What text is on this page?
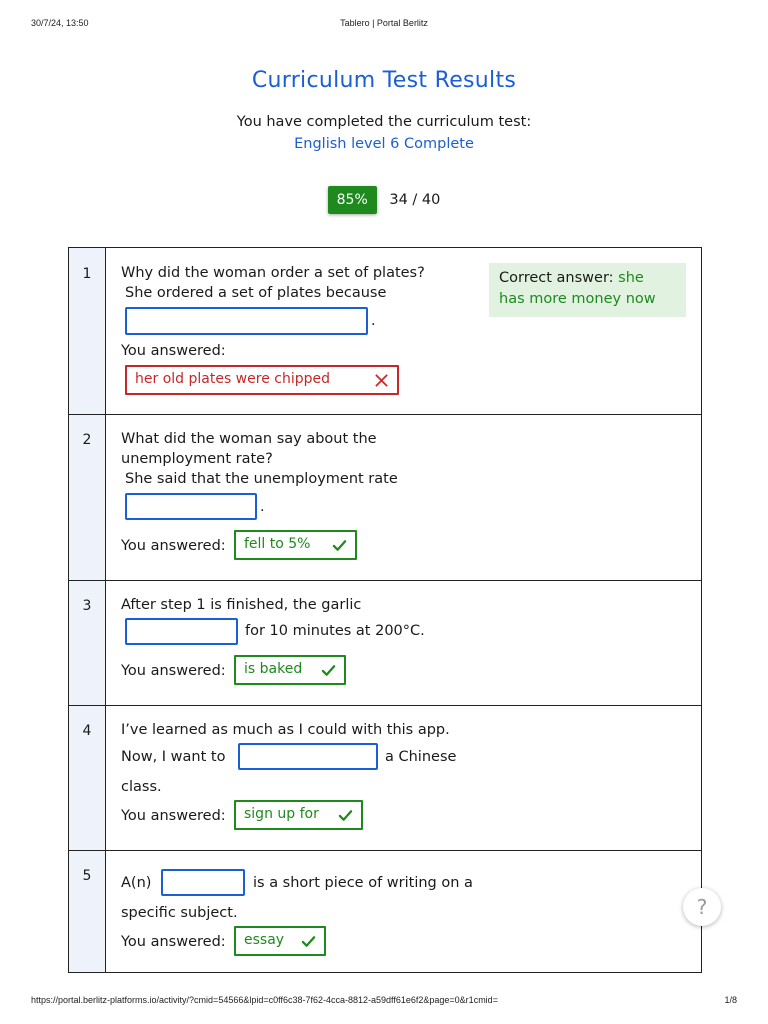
30/7/24, 13:50	Tablero | Portal Berlitz
Curriculum Test Results
You have completed the curriculum test:
English level 6 Complete
85% 34 / 40
1	Why did the woman order a set of plates?
She ordered a set of plates because
.
You answered:
her old plates were chipped
Correct answer: she
has more money now
2	What did the woman say about the
unemployment rate?
She said that the unemployment rate
.
You answered:	fell to 5%
3	After step 1 is finished, the garlic
for 10 minutes at 200°C.
You answered:	is baked
4	I’ve learned as much as I could with this app.
Now, I want to	a Chinese
class.
You answered:	sign up for
5	A(n)	is a short piece of writing on a
specific subject.
You answered:	essay
?
https://portal.berlitz-platforms.io/activity/?cmid=54566&lpid=c0ff6c38-7f62-4cca-8812-a59dff61e6f2&page=0&r1cmid=	1/8
